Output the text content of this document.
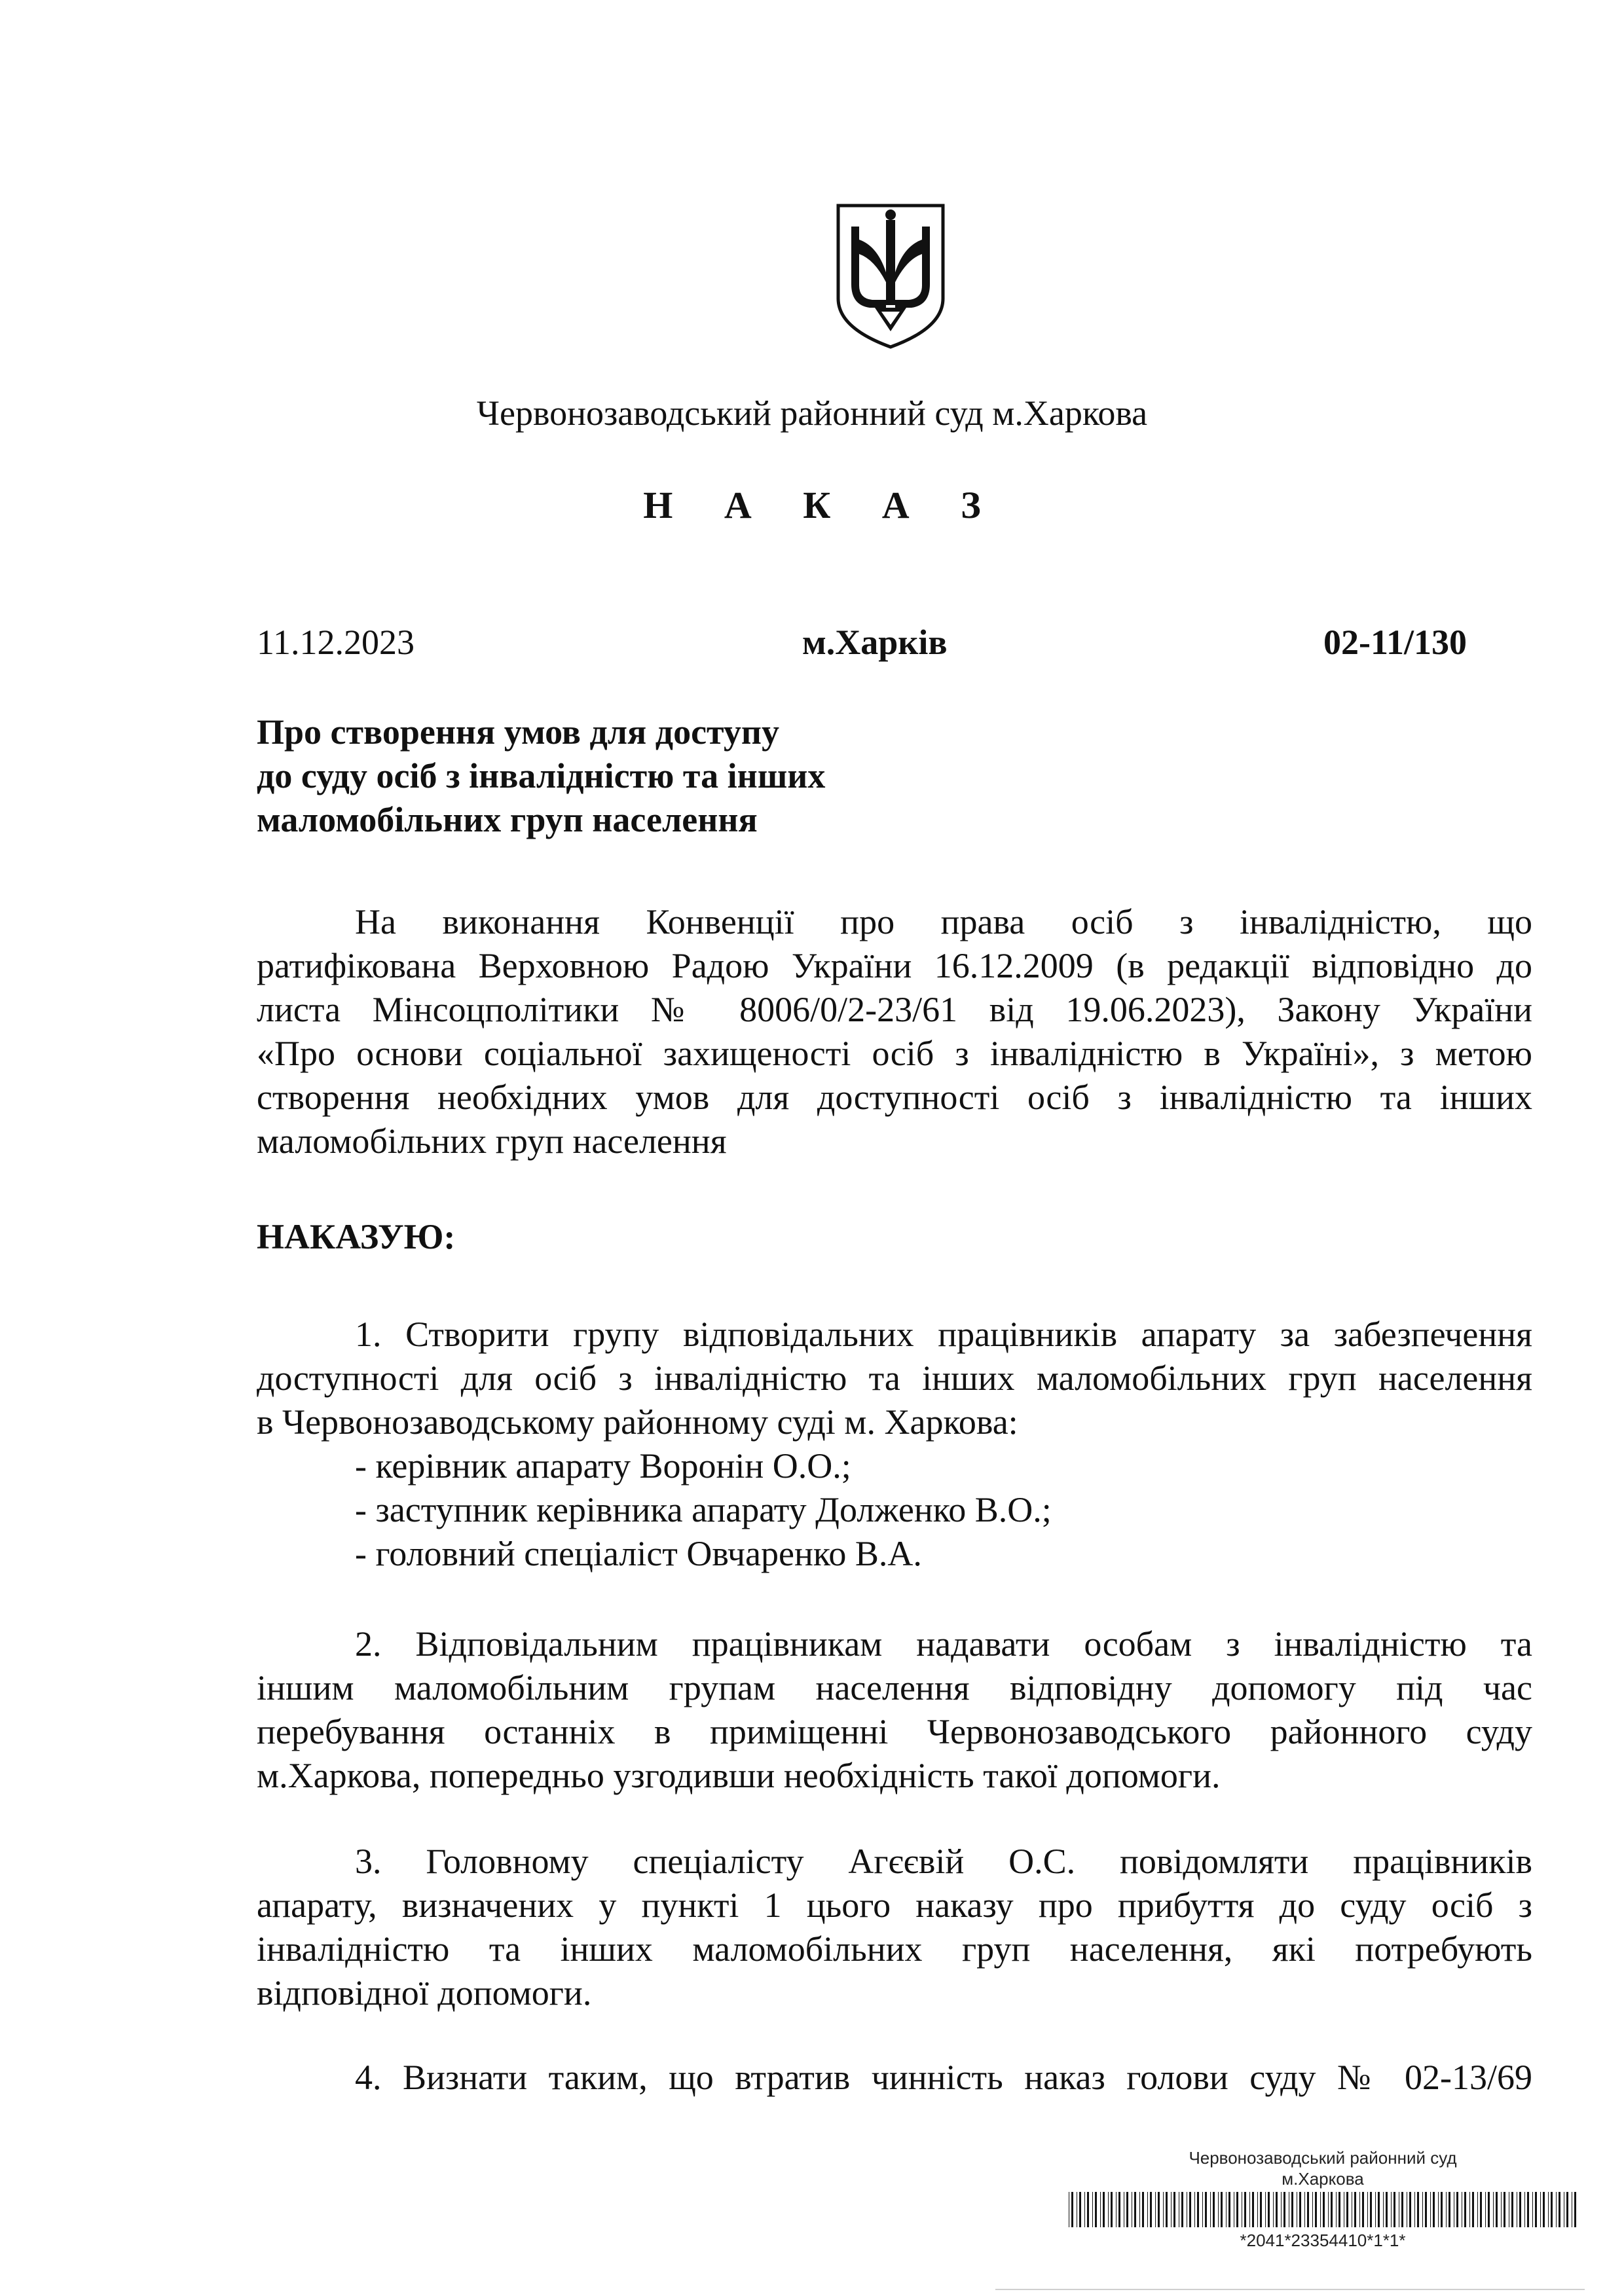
Червонозаводський районний суд м.Харкова
Н А К А З
11.12.2023	м.Харків	02-11/130
Про створення умов для доступу
до суду осіб з інвалідністю та інших
маломобільних груп населення
На виконання Конвенції про права осіб з інвалідністю, що
ратифікована Верховною Радою України 16.12.2009 (в редакції відповідно до
листа Мінсоцполітики № 8006/0/2-23/61 від 19.06.2023), Закону України
«Про основи соціальної захищеності осіб з інвалідністю в Україні», з метою
створення необхідних умов для доступності осіб з інвалідністю та інших
маломобільних груп населення
НАКАЗУЮ:
1. Створити групу відповідальних працівників апарату за забезпечення
доступності для осіб з інвалідністю та інших маломобільних груп населення
в Червонозаводському районному суді м. Харкова:
- керівник апарату Воронін О.О.;
- заступник керівника апарату Долженко В.О.;
- головний спеціаліст Овчаренко В.А.
2. Відповідальним працівникам надавати особам з інвалідністю та
іншим маломобільним групам населення відповідну допомогу під час
перебування останніх в приміщенні Червонозаводського районного суду
м.Харкова, попередньо узгодивши необхідність такої допомоги.
3. Головному спеціалісту Агєєвій О.С. повідомляти працівників
апарату, визначених у пункті 1 цього наказу про прибуття до суду осіб з
інвалідністю та інших маломобільних груп населення, які потребують
відповідної допомоги.
4. Визнати таким, що втратив чинність наказ голови суду № 02-13/69
Червонозаводський районний суд
м.Харкова
*2041*23354410*1*1*
